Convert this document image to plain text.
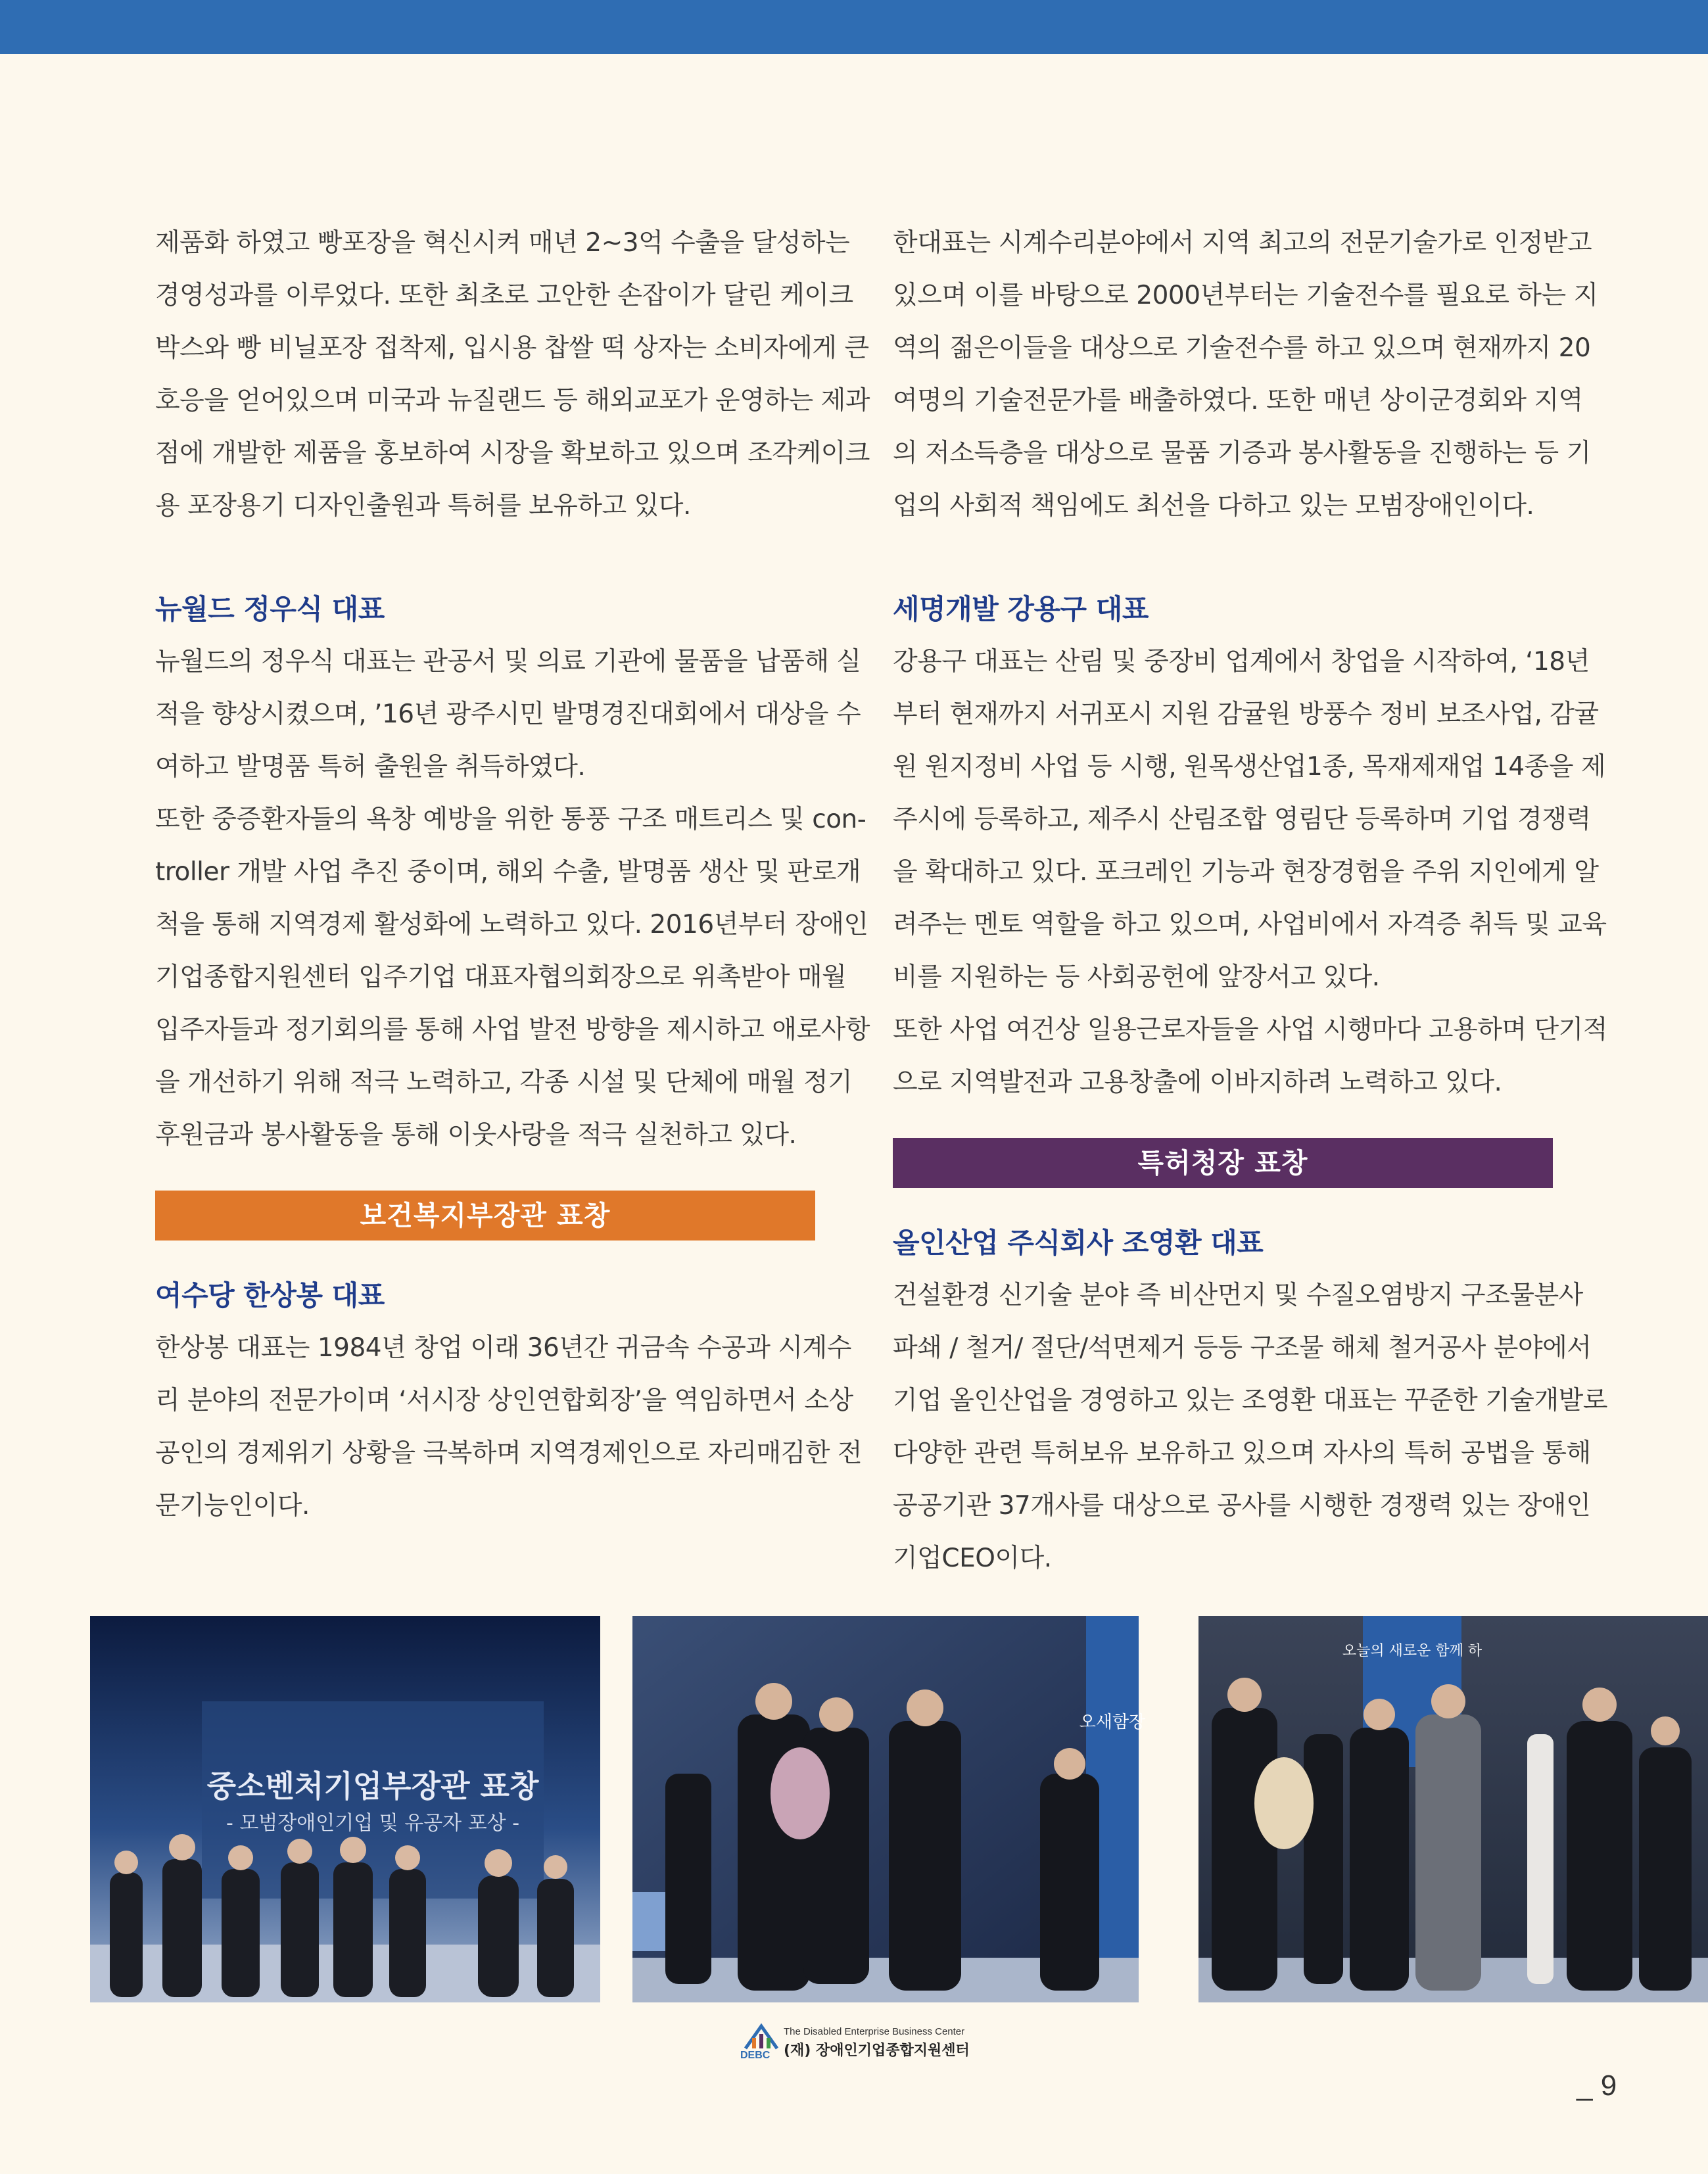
제품화 하였고 빵포장을 혁신시켜 매년 2~3억 수출을 달성하는

경영성과를 이루었다. 또한 최초로 고안한 손잡이가 달린 케이크

박스와 빵 비닐포장 접착제, 입시용 찹쌀 떡 상자는 소비자에게 큰

호응을 얻어있으며 미국과 뉴질랜드 등 해외교포가 운영하는 제과

점에 개발한 제품을 홍보하여 시장을 확보하고 있으며 조각케이크

용 포장용기 디자인출원과 특허를 보유하고 있다.

뉴월드 정우식 대표

뉴월드의 정우식 대표는 관공서 및 의료 기관에 물품을 납품해 실

적을 향상시켰으며, ’16년 광주시민 발명경진대회에서 대상을 수

여하고 발명품 특허 출원을 취득하였다.

또한 중증환자들의 욕창 예방을 위한 통풍 구조 매트리스 및 con-

troller 개발 사업 추진 중이며, 해외 수출, 발명품 생산 및 판로개

척을 통해 지역경제 활성화에 노력하고 있다. 2016년부터 장애인

기업종합지원센터 입주기업 대표자협의회장으로 위촉받아 매월

입주자들과 정기회의를 통해 사업 발전 방향을 제시하고 애로사항

을 개선하기 위해 적극 노력하고, 각종 시설 및 단체에 매월 정기

후원금과 봉사활동을 통해 이웃사랑을 적극 실천하고 있다.

보건복지부장관 표창
여수당 한상봉 대표

한상봉 대표는 1984년 창업 이래 36년간 귀금속 수공과 시계수

리 분야의 전문가이며 ‘서시장 상인연합회장’을 역임하면서 소상

공인의 경제위기 상황을 극복하며 지역경제인으로 자리매김한 전

문기능인이다.

한대표는 시계수리분야에서 지역 최고의 전문기술가로 인정받고

있으며 이를 바탕으로 2000년부터는 기술전수를 필요로 하는 지

역의 젊은이들을 대상으로 기술전수를 하고 있으며 현재까지 20

여명의 기술전문가를 배출하였다. 또한 매년 상이군경회와 지역

의 저소득층을 대상으로 물품 기증과 봉사활동을 진행하는 등 기

업의 사회적 책임에도 최선을 다하고 있는 모범장애인이다.

세명개발 강용구 대표

강용구 대표는 산림 및 중장비 업계에서 창업을 시작하여, ‘18년

부터 현재까지 서귀포시 지원 감귤원 방풍수 정비 보조사업, 감귤

원 원지정비 사업 등 시행, 원목생산업1종, 목재제재업 14종을 제

주시에 등록하고, 제주시 산림조합 영림단 등록하며 기업 경쟁력

을 확대하고 있다. 포크레인 기능과 현장경험을 주위 지인에게 알

려주는 멘토 역할을 하고 있으며, 사업비에서 자격증 취득 및 교육

비를 지원하는 등 사회공헌에 앞장서고 있다.

또한 사업 여건상 일용근로자들을 사업 시행마다 고용하며 단기적

으로 지역발전과 고용창출에 이바지하려 노력하고 있다.

특허청장 표창
올인산업 주식회사 조영환 대표

건설환경 신기술 분야 즉 비산먼지 및 수질오염방지 구조물분사

파쇄 / 철거/ 절단/석면제거 등등 구조물 해체 철거공사 분야에서

기업 올인산업을 경영하고 있는 조영환 대표는 꾸준한 기술개발로

다양한 관련 특허보유 보유하고 있으며 자사의 특허 공법을 통해

공공기관 37개사를 대상으로 공사를 시행한 경쟁력 있는 장애인

기업CEO이다.

중소벤처기업부장관 표창
- 모범장애인기업 및 유공자 포상 -
오새함장
오늘의 새로운 함께 하
The Disabled Enterprise Business Center
(재) 장애인기업종합지원센터
DEBC
_ 9
